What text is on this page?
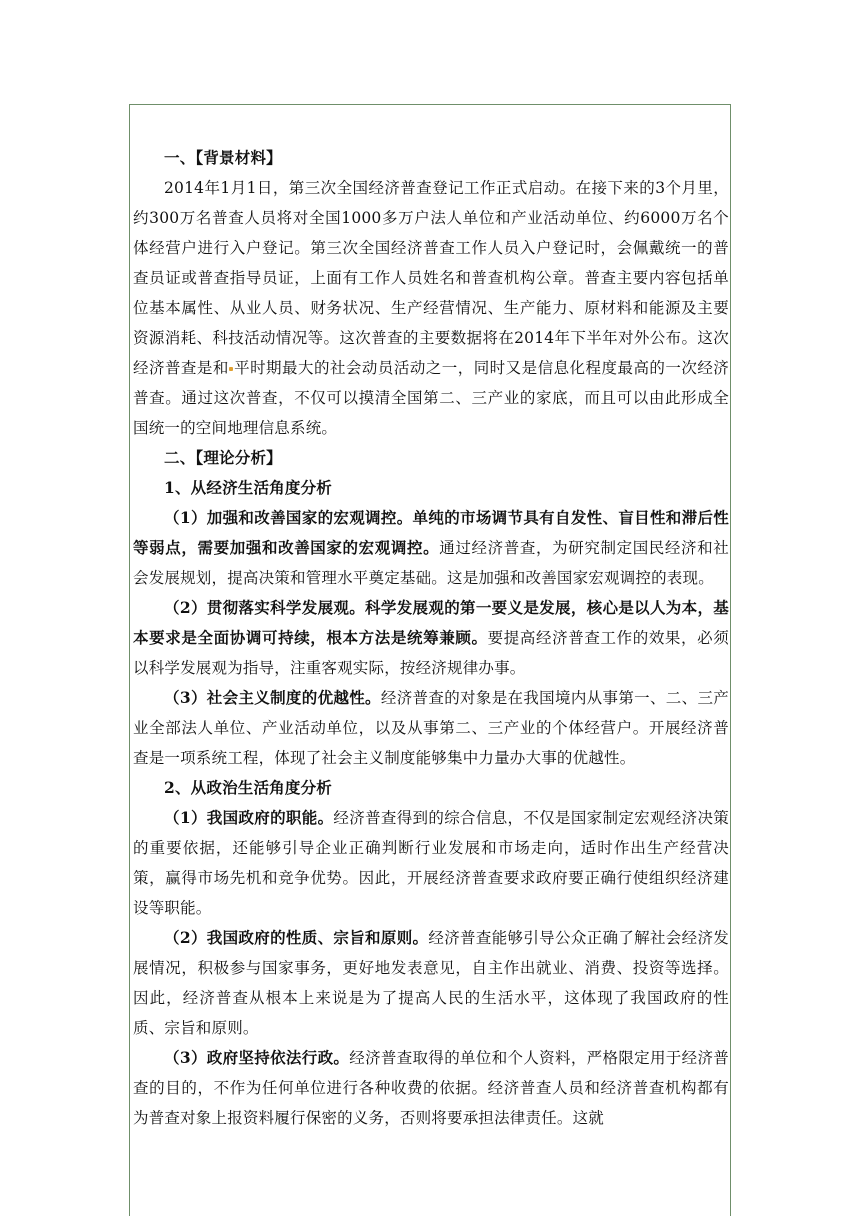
一、【背景材料】

2014年1月1日，第三次全国经济普查登记工作正式启动。在接下来的3个月里，约300万名普查人员将对全国1000多万户法人单位和产业活动单位、约6000万名个体经营户进行入户登记。第三次全国经济普查工作人员入户登记时，会佩戴统一的普查员证或普查指导员证，上面有工作人员姓名和普查机构公章。普查主要内容包括单位基本属性、从业人员、财务状况、生产经营情况、生产能力、原材料和能源及主要资源消耗、科技活动情况等。这次普查的主要数据将在2014年下半年对外公布。这次经济普查是和 平时期最大的社会动员活动之一，同时又是信息化程度最高的一次经济普查。通过这次普查，不仅可以摸清全国第二、三产业的家底，而且可以由此形成全国统一的空间地理信息系统。

二、【理论分析】

1、从经济生活角度分析

（1）加强和改善国家的宏观调控。单纯的市场调节具有自发性、盲目性和滞后性等弱点，需要加强和改善国家的宏观调控。通过经济普查，为研究制定国民经济和社会发展规划，提高决策和管理水平奠定基础。这是加强和改善国家宏观调控的表现。

（2）贯彻落实科学发展观。科学发展观的第一要义是发展，核心是以人为本，基本要求是全面协调可持续，根本方法是统筹兼顾。要提高经济普查工作的效果，必须以科学发展观为指导，注重客观实际，按经济规律办事。

（3）社会主义制度的优越性。经济普查的对象是在我国境内从事第一、二、三产业全部法人单位、产业活动单位，以及从事第二、三产业的个体经营户。开展经济普查是一项系统工程，体现了社会主义制度能够集中力量办大事的优越性。

2、从政治生活角度分析

（1）我国政府的职能。经济普查得到的综合信息，不仅是国家制定宏观经济决策的重要依据，还能够引导企业正确判断行业发展和市场走向，适时作出生产经营决策，赢得市场先机和竞争优势。因此，开展经济普查要求政府要正确行使组织经济建设等职能。

（2）我国政府的性质、宗旨和原则。经济普查能够引导公众正确了解社会经济发展情况，积极参与国家事务，更好地发表意见，自主作出就业、消费、投资等选择。因此，经济普查从根本上来说是为了提高人民的生活水平，这体现了我国政府的性质、宗旨和原则。

（3）政府坚持依法行政。经济普查取得的单位和个人资料，严格限定用于经济普查的目的，不作为任何单位进行各种收费的依据。经济普查人员和经济普查机构都有为普查对象上报资料履行保密的义务，否则将要承担法律责任。这就
